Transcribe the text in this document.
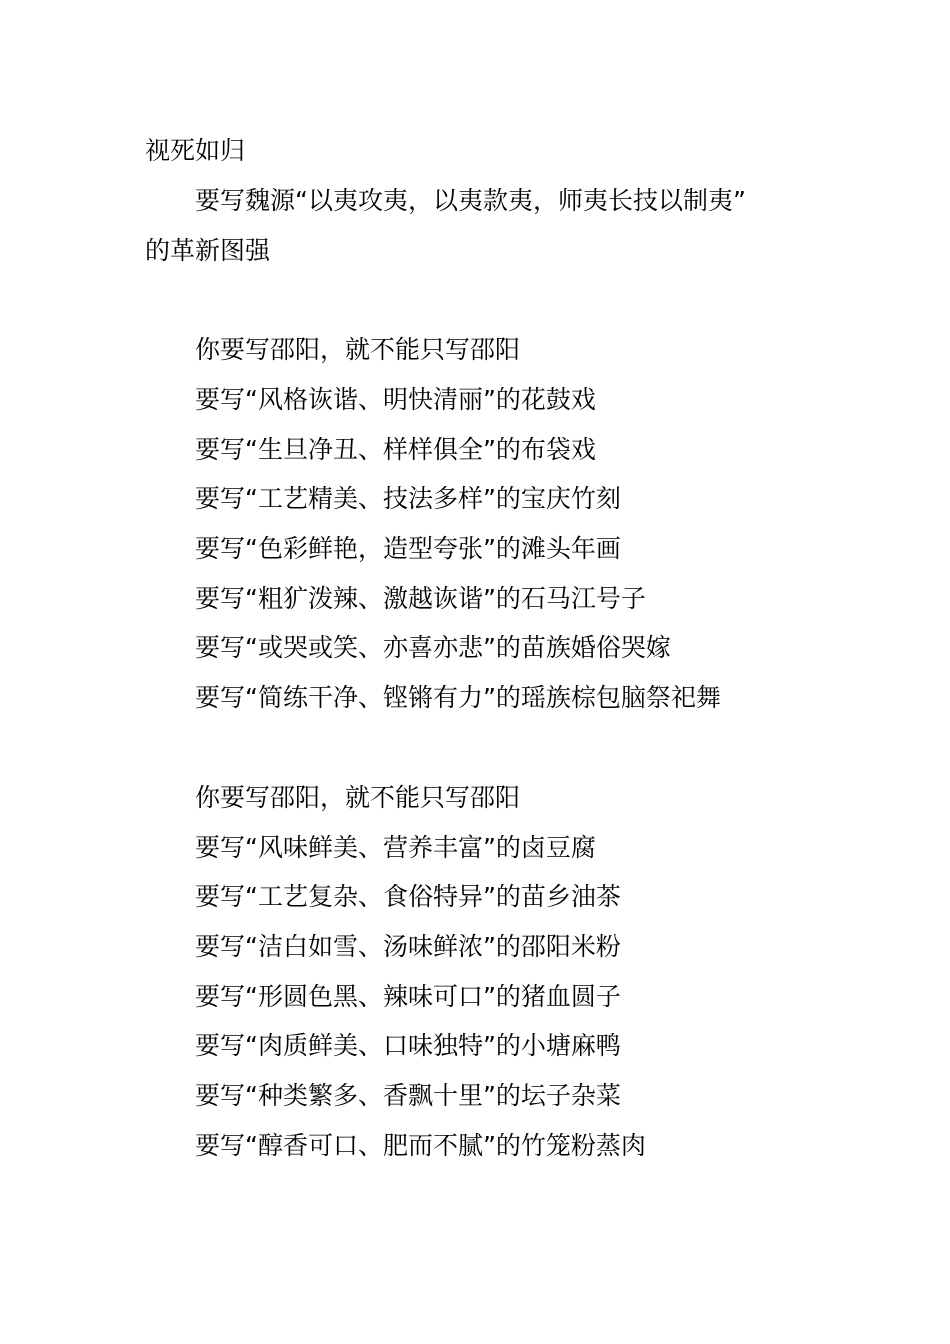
视死如归
要写魏源“以夷攻夷，以夷款夷，师夷长技以制夷”
的革新图强
你要写邵阳，就不能只写邵阳
要写“风格诙谐、明快清丽”的花鼓戏
要写“生旦净丑、样样俱全”的布袋戏
要写“工艺精美、技法多样”的宝庆竹刻
要写“色彩鲜艳，造型夸张”的滩头年画
要写“粗犷泼辣、激越诙谐”的石马江号子
要写“或哭或笑、亦喜亦悲”的苗族婚俗哭嫁
要写“简练干净、铿锵有力”的瑶族棕包脑祭祀舞
你要写邵阳，就不能只写邵阳
要写“风味鲜美、营养丰富”的卤豆腐
要写“工艺复杂、食俗特异”的苗乡油茶
要写“洁白如雪、汤味鲜浓”的邵阳米粉
要写“形圆色黑、辣味可口”的猪血圆子
要写“肉质鲜美、口味独特”的小塘麻鸭
要写“种类繁多、香飘十里”的坛子杂菜
要写“醇香可口、肥而不腻”的竹笼粉蒸肉
